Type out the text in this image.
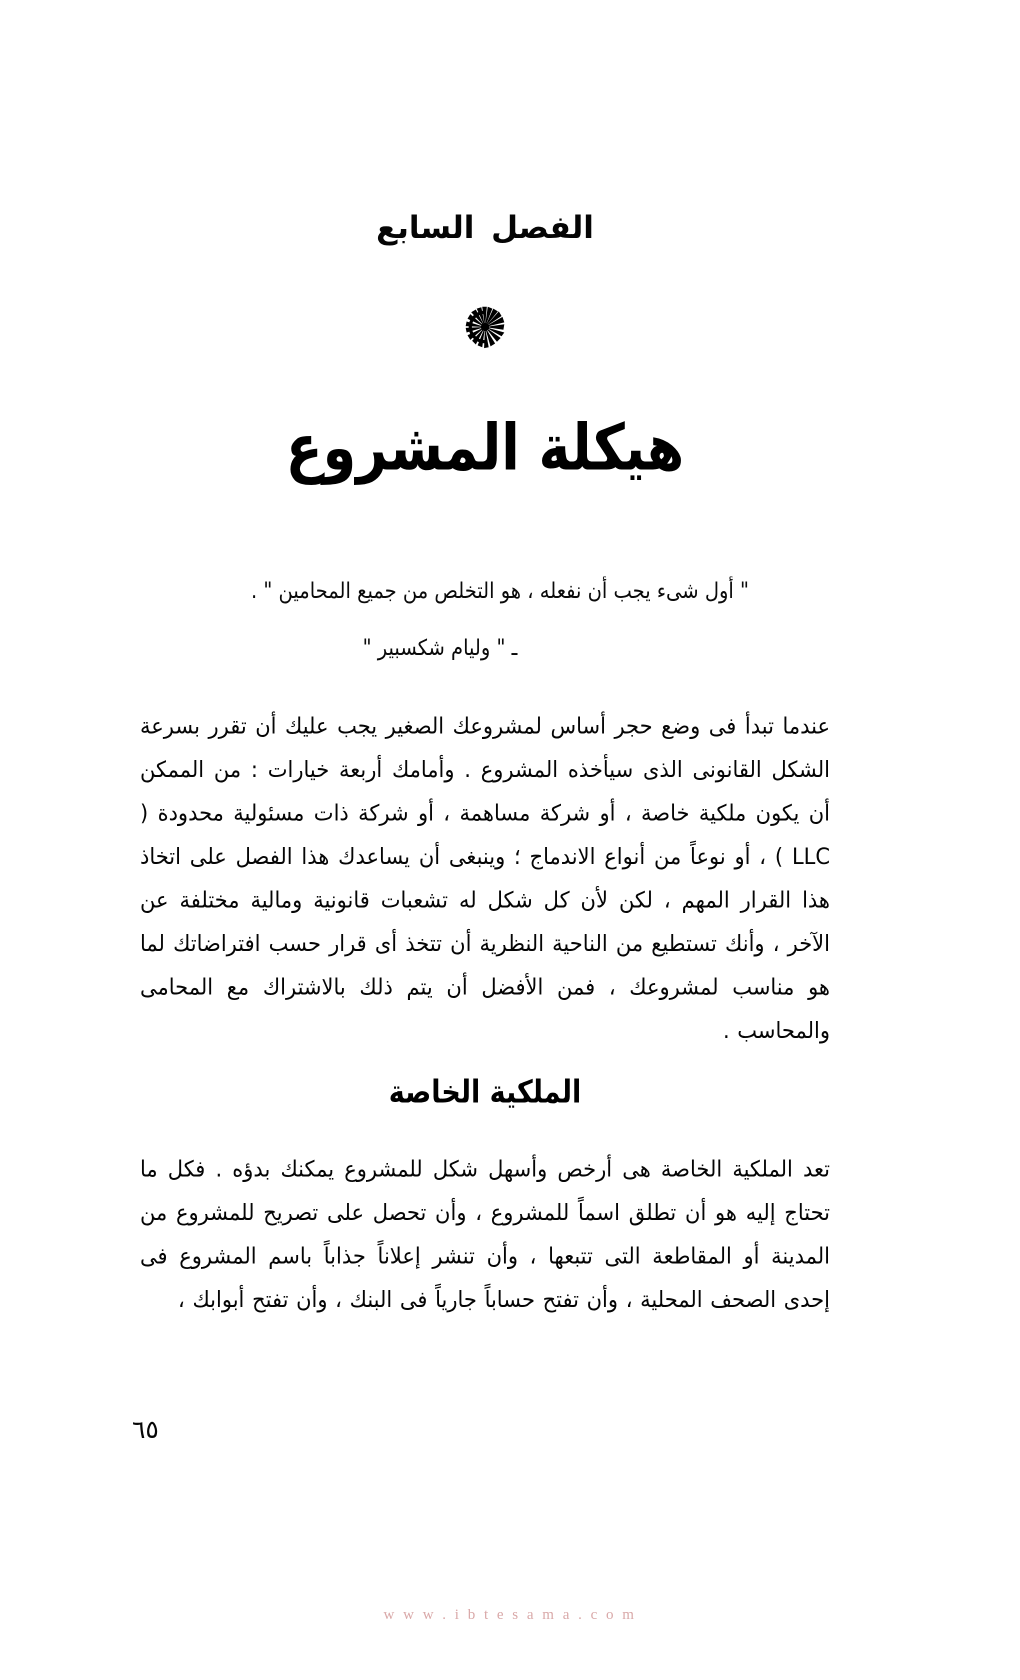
الفصل السابع
هيكلة المشروع

" أول شىء يجب أن نفعله ، هو التخلص من جميع المحامين " .

ـ " وليام شكسبير "

عندما تبدأ فى وضع حجر أساس لمشروعك الصغير يجب عليك أن تقرر بسرعة الشكل القانونى الذى سيأخذه المشروع . وأمامك أربعة خيارات : من الممكن أن يكون ملكية خاصة ، أو شركة مساهمة ، أو شركة ذات مسئولية محدودة ( LLC ) ، أو نوعاً من أنواع الاندماج ؛ وينبغى أن يساعدك هذا الفصل على اتخاذ هذا القرار المهم ، لكن لأن كل شكل له تشعبات قانونية ومالية مختلفة عن الآخر ، وأنك تستطيع من الناحية النظرية أن تتخذ أى قرار حسب افتراضاتك لما هو مناسب لمشروعك ، فمن الأفضل أن يتم ذلك بالاشتراك مع المحامى والمحاسب .

الملكية الخاصة

تعد الملكية الخاصة هى أرخص وأسهل شكل للمشروع يمكنك بدؤه . فكل ما تحتاج إليه هو أن تطلق اسماً للمشروع ، وأن تحصل على تصريح للمشروع من المدينة أو المقاطعة التى تتبعها ، وأن تنشر إعلاناً جذاباً باسم المشروع فى إحدى الصحف المحلية ، وأن تفتح حساباً جارياً فى البنك ، وأن تفتح أبوابك ،

٦٥
w w w . i b t e s a m a . c o m
